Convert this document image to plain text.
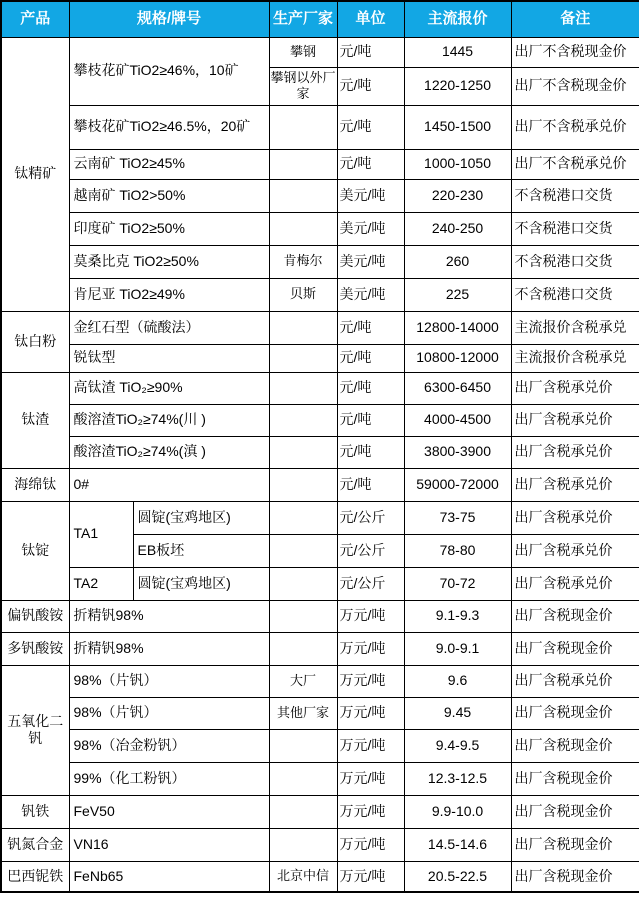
产品	规格/牌号		生产厂家	单位	主流报价	备注
钛精矿	攀枝花矿TiO2≥46%，10矿		攀钢	元/吨	1445	出厂不含税现金价
			攀钢以外厂家	元/吨	1220-1250	出厂不含税现金价
	攀枝花矿TiO2≥46.5%，20矿			元/吨	1450-1500	出厂不含税承兑价
	云南矿 TiO2≥45%			元/吨	1000-1050	出厂不含税承兑价
	越南矿 TiO2>50%			美元/吨	220-230	不含税港口交货
	印度矿 TiO2≥50%			美元/吨	240-250	不含税港口交货
	莫桑比克 TiO2≥50%		肯梅尔	美元/吨	260	不含税港口交货
	肯尼亚 TiO2≥49%		贝斯	美元/吨	225	不含税港口交货
钛白粉	金红石型（硫酸法）			元/吨	12800-14000	主流报价含税承兑
	锐钛型			元/吨	10800-12000	主流报价含税承兑
钛渣	高钛渣 TiO₂≥90%			元/吨	6300-6450	出厂含税承兑价
	酸溶渣TiO₂≥74%(川 )			元/吨	4000-4500	出厂含税承兑价
	酸溶渣TiO₂≥74%(滇 )			元/吨	3800-3900	出厂含税承兑价
海绵钛	0#			元/吨	59000-72000	出厂含税承兑价
钛锭	TA1	圆锭(宝鸡地区)		元/公斤	73-75	出厂含税承兑价
		EB板坯		元/公斤	78-80	出厂含税承兑价
	TA2	圆锭(宝鸡地区)		元/公斤	70-72	出厂含税承兑价
偏钒酸铵	折精钒98%			万元/吨	9.1-9.3	出厂含税现金价
多钒酸铵	折精钒98%			万元/吨	9.0-9.1	出厂含税现金价
五氧化二钒	98%（片钒）		大厂	万元/吨	9.6	出厂含税承兑价
	98%（片钒）		其他厂家	万元/吨	9.45	出厂含税现金价
	98%（冶金粉钒）			万元/吨	9.4-9.5	出厂含税现金价
	99%（化工粉钒）			万元/吨	12.3-12.5	出厂含税现金价
钒铁	FeV50			万元/吨	9.9-10.0	出厂含税现金价
钒氮合金	VN16			万元/吨	14.5-14.6	出厂含税现金价
巴西铌铁	FeNb65		北京中信	万元/吨	20.5-22.5	出厂含税现金价
